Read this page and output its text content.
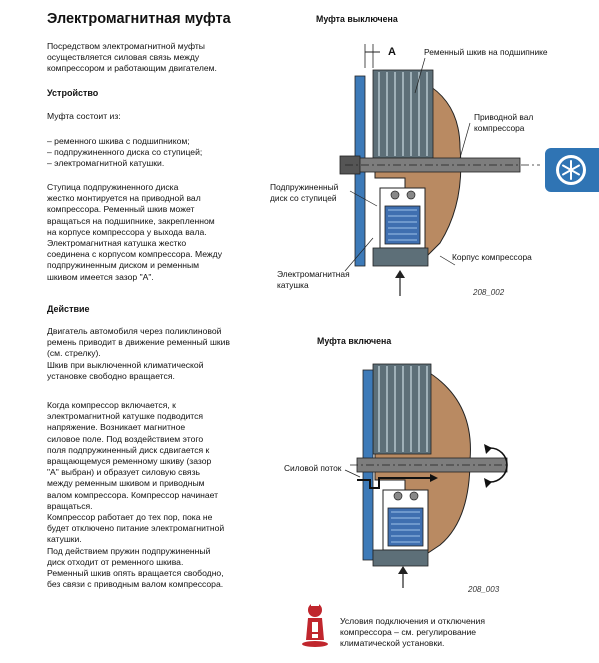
Электромагнитная муфта
Посредством электромагнитной муфты
осуществляется силовая связь между
компрессором и работающим двигателем.
Устройство
Муфта состоит из:
– ременного шкива с подшипником;
– подпружиненного диска со ступицей;
– электромагнитной катушки.
Ступица подпружиненного диска
жестко монтируется на приводной вал
компрессора. Ременный шкив может
вращаться на подшипнике, закрепленном
на корпусе компрессора у выхода вала.
Электромагнитная катушка жестко
соединена с корпусом компрессора. Между
подпружиненным диском и ременным
шкивом имеется зазор "А".
Действие
Двигатель автомобиля через поликлиновой
ремень приводит в движение ременный шкив
(см. стрелку).
Шкив при выключенной климатической
установке свободно вращается.
Когда компрессор включается, к
электромагнитной катушке подводится
напряжение. Возникает магнитное
силовое поле. Под воздействием этого
поля подпружиненный диск сдвигается к
вращающемуся ременному шкиву (зазор
"А" выбран) и образует силовую связь
между ременным шкивом и приводным
валом компрессора. Компрессор начинает
вращаться.
Компрессор работает до тех пор, пока не
будет отключено питание электромагнитной
катушки.
Под действием пружин подпружиненный
диск отходит от ременного шкива.
Ременный шкив опять вращается свободно,
без связи с приводным валом компрессора.
Муфта выключена
A	Ременный шкив на подшипнике
Приводной вал
компрессора
Подпружиненный
диск со ступицей
Корпус компрессора
Электромагнитная
катушка
208_002
Муфта включена
Силовой поток
208_003
Условия подключения и отключения
компрессора – см. регулирование
климатической установки.
